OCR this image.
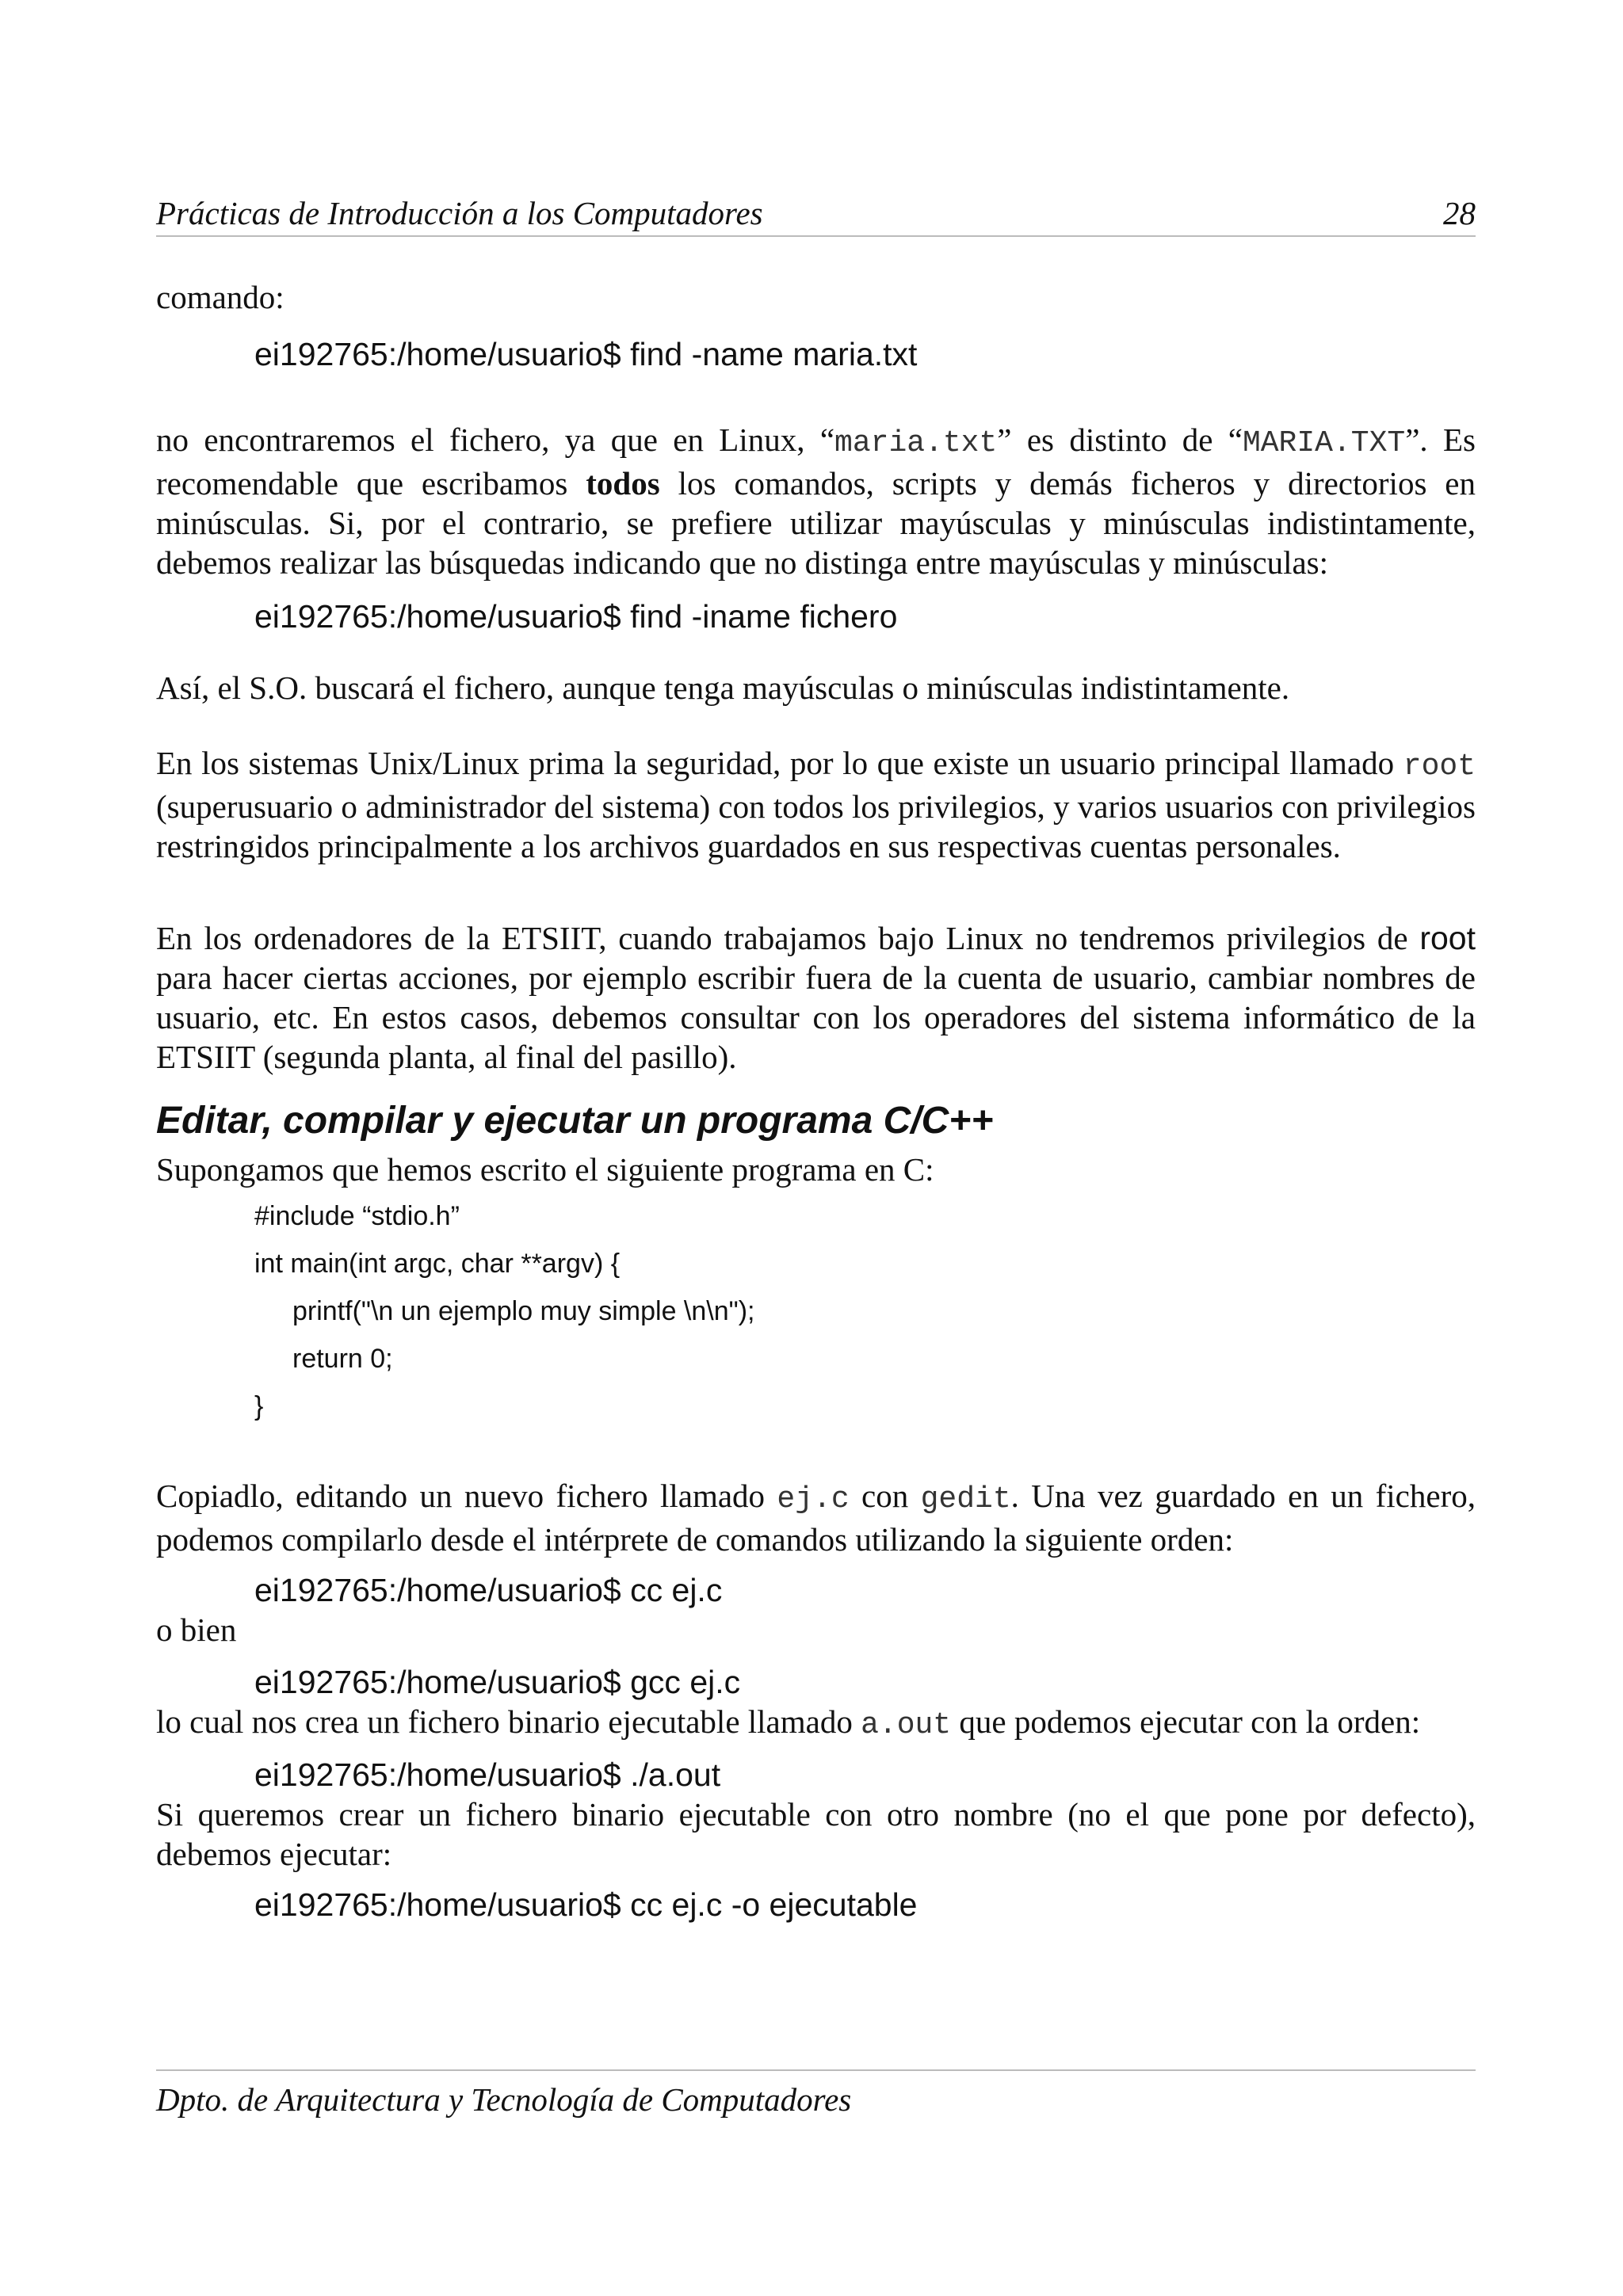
Prácticas de Introducción a los Computadores	28

comando:

ei192765:/home/usuario$ find -name maria.txt

no encontraremos el fichero, ya que en Linux, “maria.txt” es distinto de “MARIA.TXT”. Es recomendable que escribamos todos los comandos, scripts y demás ficheros y directorios en minúsculas. Si, por el contrario, se prefiere utilizar mayúsculas y minúsculas indistintamente, debemos realizar las búsquedas indicando que no distinga entre mayúsculas y minúsculas:

ei192765:/home/usuario$ find -iname fichero

Así, el S.O. buscará el fichero, aunque tenga mayúsculas o minúsculas indistintamente.

En los sistemas Unix/Linux prima la seguridad, por lo que existe un usuario principal llamado root (superusuario o administrador del sistema) con todos los privilegios, y varios usuarios con privilegios restringidos principalmente a los archivos guardados en sus respectivas cuentas personales.

En los ordenadores de la ETSIIT, cuando trabajamos bajo Linux no tendremos privilegios de root para hacer ciertas acciones, por ejemplo escribir fuera de la cuenta de usuario, cambiar nombres de usuario, etc. En estos casos, debemos consultar con los operadores del sistema informático de la ETSIIT (segunda planta, al final del pasillo).

Editar, compilar y ejecutar un programa C/C++

Supongamos que hemos escrito el siguiente programa en C:

#include “stdio.h”
int main(int argc, char **argv) {
printf("\n un ejemplo muy simple \n\n");
return 0;
}

Copiadlo, editando un nuevo fichero llamado ej.c con gedit. Una vez guardado en un fichero, podemos compilarlo desde el intérprete de comandos utilizando la siguiente orden:

ei192765:/home/usuario$ cc ej.c

o bien

ei192765:/home/usuario$ gcc ej.c

lo cual nos crea un fichero binario ejecutable llamado a.out que podemos ejecutar con la orden:

ei192765:/home/usuario$ ./a.out

Si queremos crear un fichero binario ejecutable con otro nombre (no el que pone por defecto), debemos ejecutar:

ei192765:/home/usuario$ cc ej.c -o ejecutable
Dpto. de Arquitectura y Tecnología de Computadores
